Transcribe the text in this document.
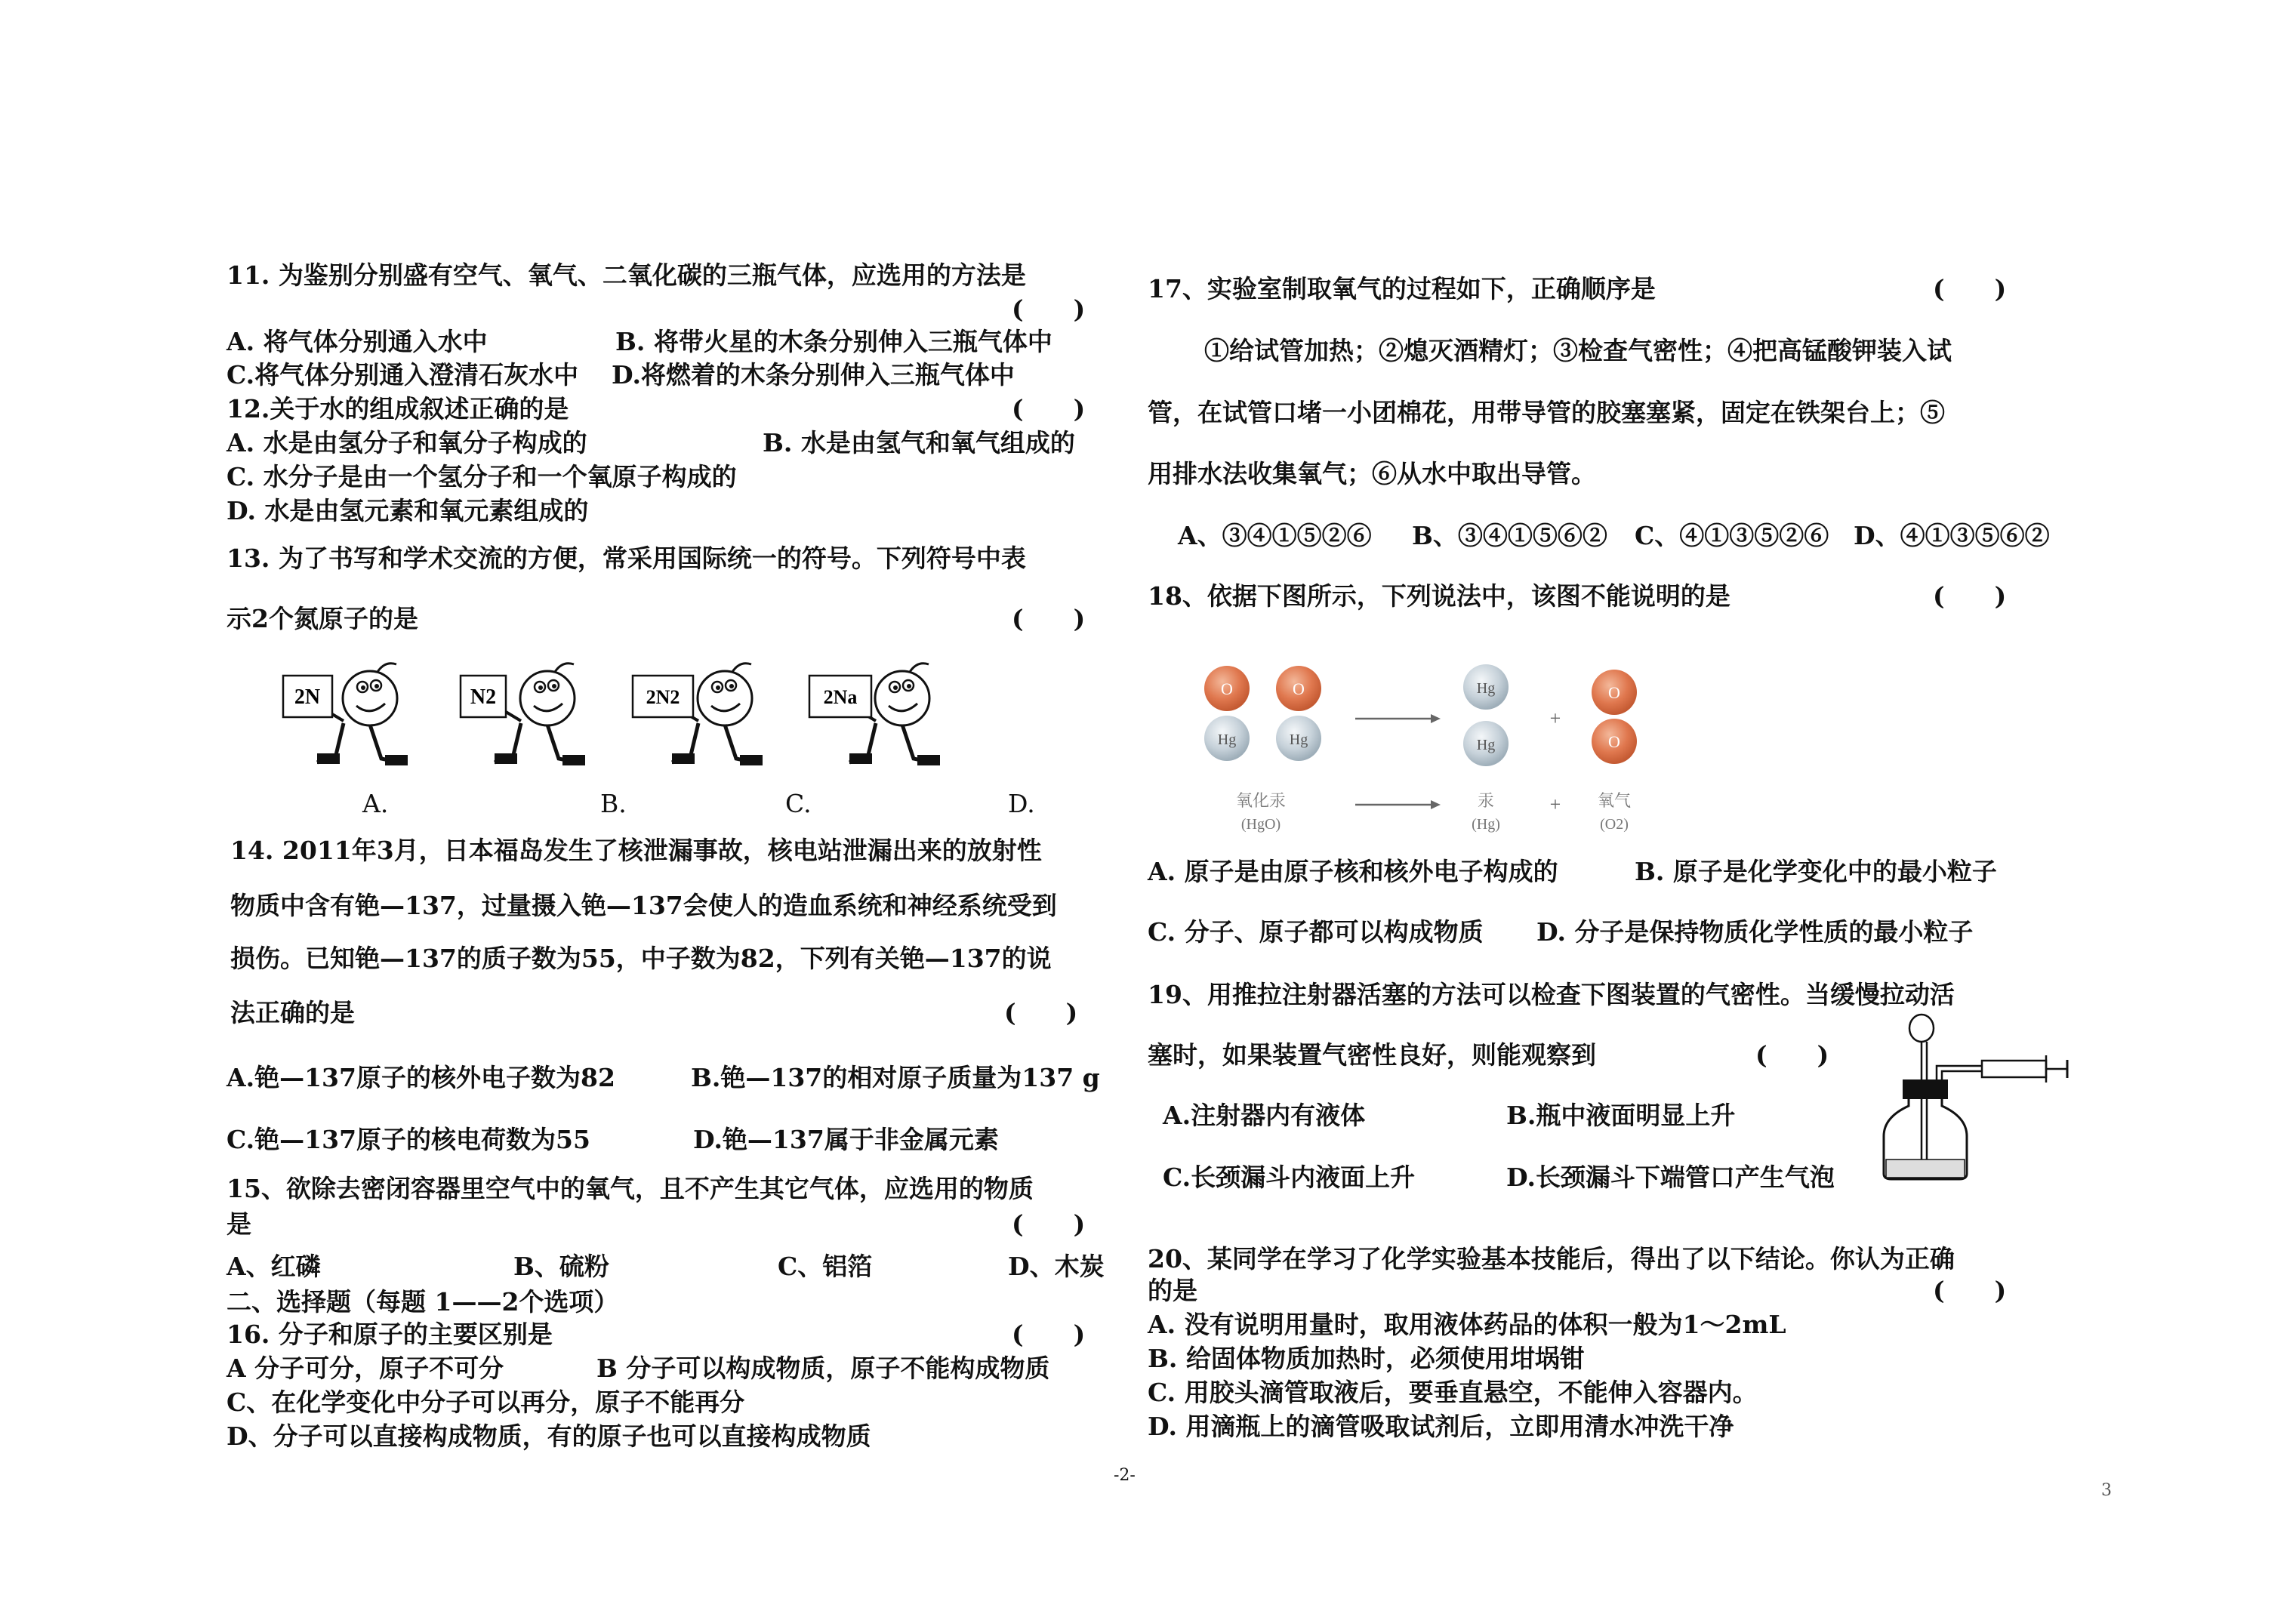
11. 为鉴别分别盛有空气、氧气、二氧化碳的三瓶气体，应选用的方法是
(　　)
A. 将气体分别通入水中	B. 将带火星的木条分别伸入三瓶气体中
C.将气体分别通入澄清石灰水中 D.将燃着的木条分别伸入三瓶气体中
12.关于水的组成叙述正确的是	(　　)
A. 水是由氢分子和氧分子构成的	B. 水是由氢气和氧气组成的
C. 水分子是由一个氢分子和一个氧原子构成的
D. 水是由氢元素和氧元素组成的
13. 为了书写和学术交流的方便，常采用国际统一的符号。下列符号中表
示2个氮原子的是	(　　)
2N	N2	2N2	2Na
A.	B.	C.	D.
14. 2011年3月，日本福岛发生了核泄漏事故，核电站泄漏出来的放射性
物质中含有铯—137，过量摄入铯—137会使人的造血系统和神经系统受到
损伤。已知铯—137的质子数为55，中子数为82，下列有关铯—137的说
法正确的是	(　　)
A.铯—137原子的核外电子数为82	B.铯—137的相对原子质量为137 g
C.铯—137原子的核电荷数为55	D.铯—137属于非金属元素
15、欲除去密闭容器里空气中的氧气，且不产生其它气体，应选用的物质
是	(　　)
A、红磷	B、硫粉	C、铝箔	D、木炭
二、选择题（每题 1——2个选项）
16. 分子和原子的主要区别是	(　　)
A 分子可分，原子不可分	B 分子可以构成物质，原子不能构成物质
C、在化学变化中分子可以再分，原子不能再分
D、分子可以直接构成物质，有的原子也可以直接构成物质
17、实验室制取氧气的过程如下，正确顺序是	(　　)
①给试管加热；②熄灭酒精灯；③检查气密性；④把高锰酸钾装入试
管，在试管口堵一小团棉花，用带导管的胶塞塞紧，固定在铁架台上；⑤
用排水法收集氧气；⑥从水中取出导管。
A、③④①⑤②⑥ B、③④①⑤⑥② C、④①③⑤②⑥ D、④①③⑤⑥②
18、依据下图所示，下列说法中，该图不能说明的是	(　　)
O
Hg
O
Hg
Hg
Hg
+
O
O
氧化汞
(HgO)
汞
(Hg)
+ 氧气
(O2)
A. 原子是由原子核和核外电子构成的	B. 原子是化学变化中的最小粒子
C. 分子、原子都可以构成物质 D. 分子是保持物质化学性质的最小粒子
19、用推拉注射器活塞的方法可以检查下图装置的气密性。当缓慢拉动活
塞时，如果装置气密性良好，则能观察到	(　　)
A.注射器内有液体	B.瓶中液面明显上升
C.长颈漏斗内液面上升	D.长颈漏斗下端管口产生气泡
20、某同学在学习了化学实验基本技能后，得出了以下结论。你认为正确
的是	(　　)
A. 没有说明用量时，取用液体药品的体积一般为1～2mL
B. 给固体物质加热时，必须使用坩埚钳
C. 用胶头滴管取液后，要垂直悬空，不能伸入容器内。
D. 用滴瓶上的滴管吸取试剂后，立即用清水冲洗干净
-2-
3
